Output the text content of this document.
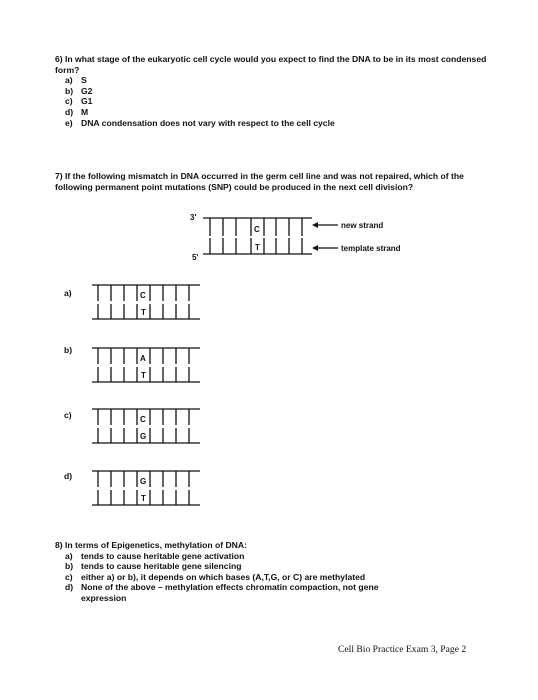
6) In what stage of the eukaryotic cell cycle would you expect to find the DNA to be in its most condensed form?

a) S
b) G2
c) G1
d) M
e) DNA condensation does not vary with respect to the cell cycle

7) If the following mismatch in DNA occurred in the germ cell line and was not repaired, which of the following permanent point mutations (SNP) could be produced in the next cell division?

3'
5'
C
T
new strand
template strand
a)	C
T
b)
A
T
c)	C
G
d)
G
T

8) In terms of Epigenetics, methylation of DNA:

a) tends to cause heritable gene activation
b) tends to cause heritable gene silencing
c) either a) or b), it depends on which bases (A,T,G, or C) are methylated
d) None of the above – methylation effects chromatin compaction, not gene expression
Cell Bio Practice Exam 3, Page 2
